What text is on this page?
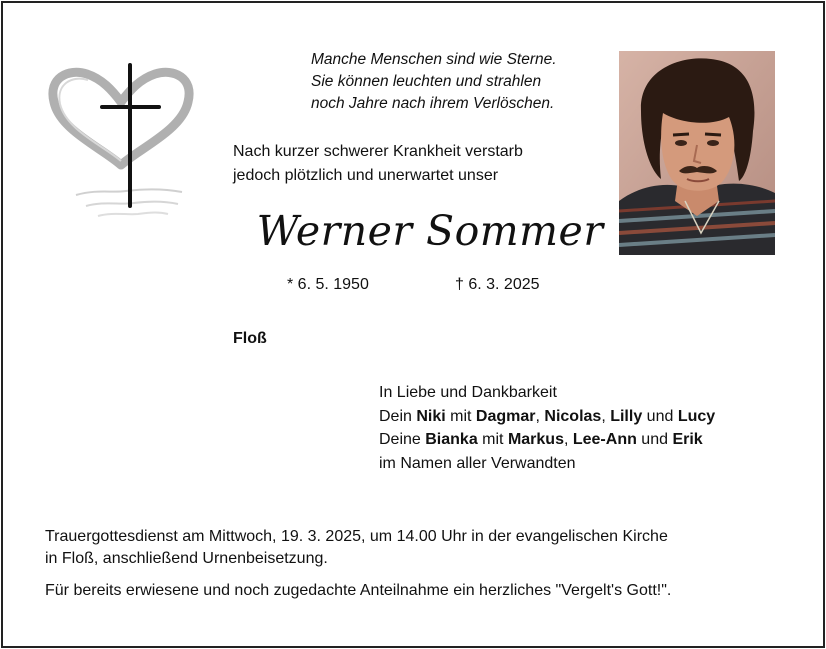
Manche Menschen sind wie Sterne.
Sie können leuchten und strahlen
noch Jahre nach ihrem Verlöschen.
Nach kurzer schwerer Krankheit verstarb
jedoch plötzlich und unerwartet unser
Werner Sommer
* 6. 5. 1950	† 6. 3. 2025
Floß
In Liebe und Dankbarkeit
Dein Niki mit Dagmar, Nicolas, Lilly und Lucy
Deine Bianka mit Markus, Lee-Ann und Erik
im Namen aller Verwandten
Trauergottesdienst am Mittwoch, 19. 3. 2025, um 14.00 Uhr in der evangelischen Kirche
in Floß, anschließend Urnenbeisetzung.
Für bereits erwiesene und noch zugedachte Anteilnahme ein herzliches "Vergelt's Gott!".
